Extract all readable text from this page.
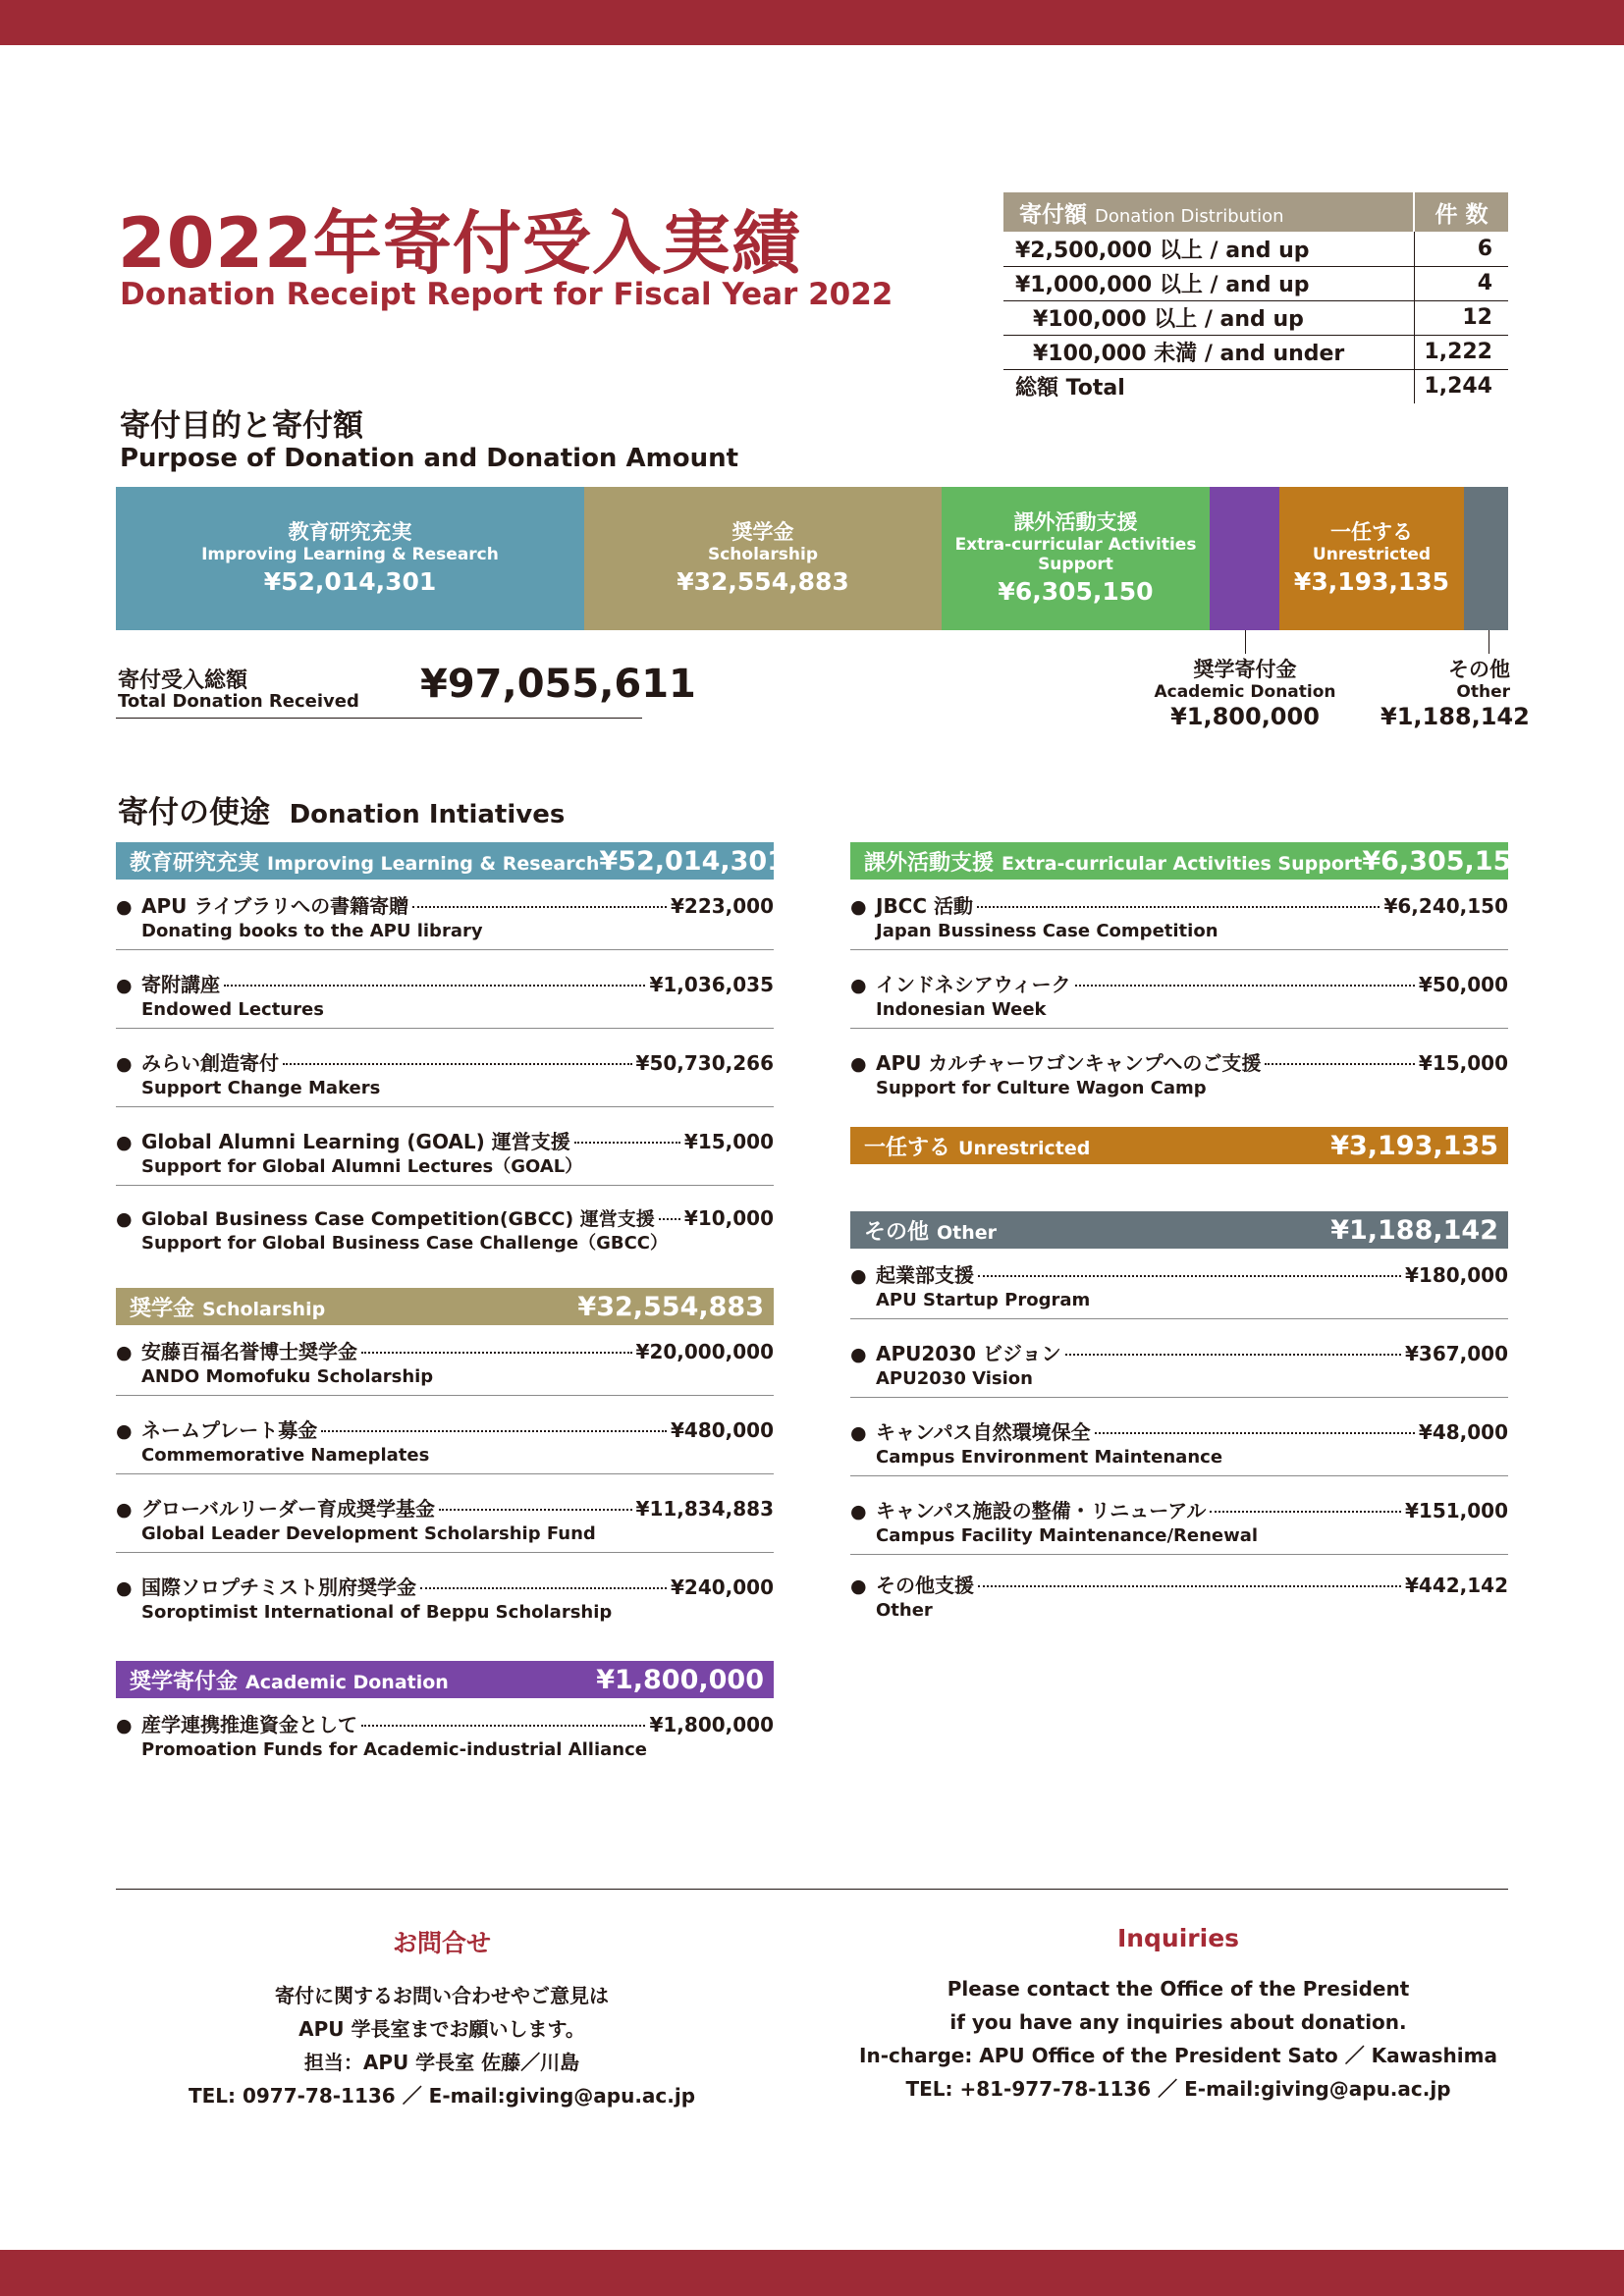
2022年寄付受入実績
Donation Receipt Report for Fiscal Year 2022
寄付額 Donation Distribution	件 数
¥2,500,000 以上 / and up	6
¥1,000,000 以上 / and up	4
¥100,000 以上 / and up	12
¥100,000 未満 / and under	1,222
総額 Total	1,244
寄付目的と寄付額
Purpose of Donation and Donation Amount
教育研究充実
Improving Learning & Research
¥52,014,301
奨学金
Scholarship
¥32,554,883
課外活動支援
Extra-curricular Activities
Support
¥6,305,150
一任する
Unrestricted
¥3,193,135
奨学寄付金
Academic Donation
¥1,800,000
その他
Other
¥1,188,142
寄付受入総額
Total Donation Received ¥97,055,611
寄付の使途 Donation Intiatives
教育研究充実 Improving Learning & Research ¥52,014,301
● APU ライブラリへの書籍寄贈	¥223,000
Donating books to the APU library
● 寄附講座	¥1,036,035
Endowed Lectures
● みらい創造寄付	¥50,730,266
Support Change Makers
● Global Alumni Learning (GOAL) 運営支援	¥15,000
Support for Global Alumni Lectures（GOAL）
● Global Business Case Competition(GBCC) 運営支援 ¥10,000
Support for Global Business Case Challenge（GBCC）
奨学金 Scholarship	¥32,554,883
● 安藤百福名誉博士奨学金	¥20,000,000
ANDO Momofuku Scholarship
● ネームプレート募金	¥480,000
Commemorative Nameplates
● グローバルリーダー育成奨学基金	¥11,834,883
Global Leader Development Scholarship Fund
● 国際ソロプチミスト別府奨学金	¥240,000
Soroptimist International of Beppu Scholarship
奨学寄付金 Academic Donation	¥1,800,000
● 産学連携推進資金として	¥1,800,000
Promoation Funds for Academic-industrial Alliance
課外活動支援 Extra-curricular Activities Support ¥6,305,150
● JBCC 活動	¥6,240,150
Japan Bussiness Case Competition
● インドネシアウィーク	¥50,000
Indonesian Week
● APU カルチャーワゴンキャンプへのご支援	¥15,000
Support for Culture Wagon Camp
一任する Unrestricted	¥3,193,135
その他 Other	¥1,188,142
● 起業部支援	¥180,000
APU Startup Program
● APU2030 ビジョン	¥367,000
APU2030 Vision
● キャンパス自然環境保全	¥48,000
Campus Environment Maintenance
● キャンパス施設の整備・リニューアル	¥151,000
Campus Facility Maintenance/Renewal
● その他支援	¥442,142
Other
お問合せ
寄付に関するお問い合わせやご意見は
APU 学長室までお願いします。
担当：APU 学長室 佐藤／川島
TEL: 0977-78-1136 ／ E-mail:giving@apu.ac.jp
Inquiries
Please contact the Office of the President
if you have any inquiries about donation.
In-charge: APU Office of the President Sato ／ Kawashima
TEL: +81-977-78-1136 ／ E-mail:giving@apu.ac.jp
